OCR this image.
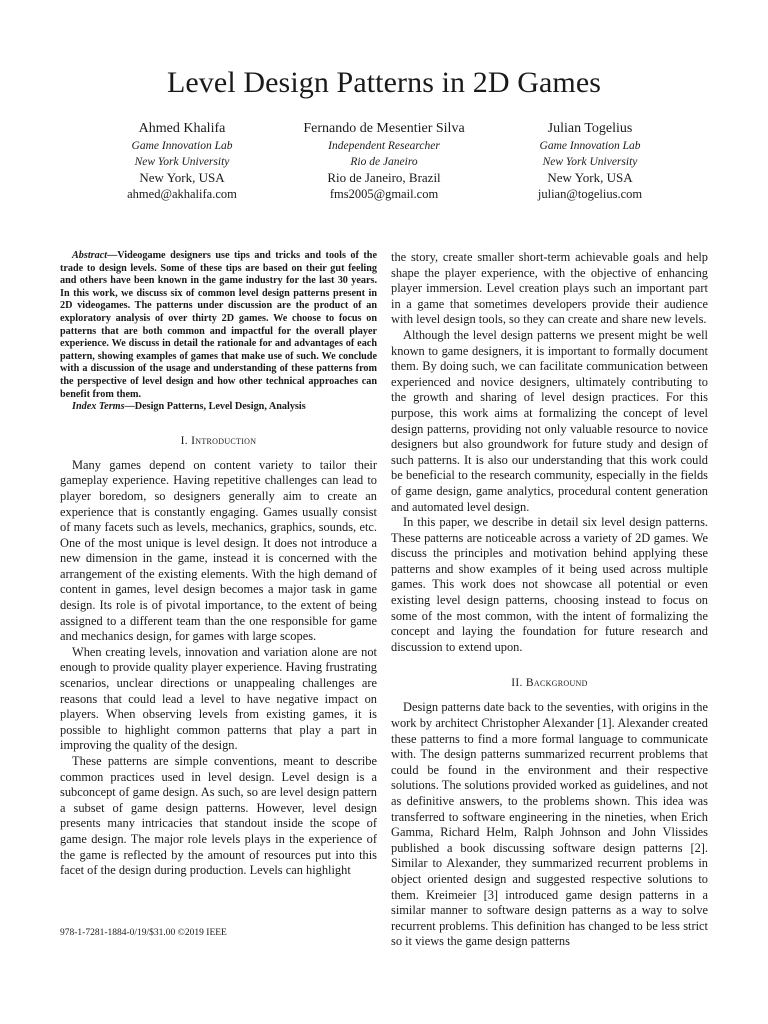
Level Design Patterns in 2D Games
Ahmed Khalifa
Game Innovation Lab
New York University
New York, USA
ahmed@akhalifa.com
Fernando de Mesentier Silva
Independent Researcher
Rio de Janeiro
Rio de Janeiro, Brazil
fms2005@gmail.com
Julian Togelius
Game Innovation Lab
New York University
New York, USA
julian@togelius.com

Abstract—Videogame designers use tips and tricks and tools of the trade to design levels. Some of these tips are based on their gut feeling and others have been known in the game industry for the last 30 years. In this work, we discuss six of common level design patterns present in 2D videogames. The patterns under discussion are the product of an exploratory analysis of over thirty 2D games. We choose to focus on patterns that are both common and impactful for the overall player experience. We discuss in detail the rationale for and advantages of each pattern, showing examples of games that make use of such. We conclude with a discussion of the usage and understanding of these patterns from the perspective of level design and how other technical approaches can benefit from them.

Index Terms—Design Patterns, Level Design, Analysis

I. Introduction

Many games depend on content variety to tailor their gameplay experience. Having repetitive challenges can lead to player boredom, so designers generally aim to create an experience that is constantly engaging. Games usually consist of many facets such as levels, mechanics, graphics, sounds, etc. One of the most unique is level design. It does not introduce a new dimension in the game, instead it is concerned with the arrangement of the existing elements. With the high demand of content in games, level design becomes a major task in game design. Its role is of pivotal importance, to the extent of being assigned to a different team than the one responsible for game and mechanics design, for games with large scopes.

When creating levels, innovation and variation alone are not enough to provide quality player experience. Having frustrating scenarios, unclear directions or unappealing challenges are reasons that could lead a level to have negative impact on players. When observing levels from existing games, it is possible to highlight common patterns that play a part in improving the quality of the design.

These patterns are simple conventions, meant to describe common practices used in level design. Level design is a subconcept of game design. As such, so are level design pattern a subset of game design patterns. However, level design presents many intricacies that standout inside the scope of game design. The major role levels plays in the experience of the game is reflected by the amount of resources put into this facet of the design during production. Levels can highlight

the story, create smaller short-term achievable goals and help shape the player experience, with the objective of enhancing player immersion. Level creation plays such an important part in a game that sometimes developers provide their audience with level design tools, so they can create and share new levels.

Although the level design patterns we present might be well known to game designers, it is important to formally document them. By doing such, we can facilitate communication between experienced and novice designers, ultimately contributing to the growth and sharing of level design practices. For this purpose, this work aims at formalizing the concept of level design patterns, providing not only valuable resource to novice designers but also groundwork for future study and design of such patterns. It is also our understanding that this work could be beneficial to the research community, especially in the fields of game design, game analytics, procedural content generation and automated level design.

In this paper, we describe in detail six level design patterns. These patterns are noticeable across a variety of 2D games. We discuss the principles and motivation behind applying these patterns and show examples of it being used across multiple games. This work does not showcase all potential or even existing level design patterns, choosing instead to focus on some of the most common, with the intent of formalizing the concept and laying the foundation for future research and discussion to extend upon.

II. Background

Design patterns date back to the seventies, with origins in the work by architect Christopher Alexander [1]. Alexander created these patterns to find a more formal language to communicate with. The design patterns summarized recurrent problems that could be found in the environment and their respective solutions. The solutions provided worked as guidelines, and not as definitive answers, to the problems shown. This idea was transferred to software engineering in the nineties, when Erich Gamma, Richard Helm, Ralph Johnson and John Vlissides published a book discussing software design patterns [2]. Similar to Alexander, they summarized recurrent problems in object oriented design and suggested respective solutions to them. Kreimeier [3] introduced game design patterns in a similar manner to software design patterns as a way to solve recurrent problems. This definition has changed to be less strict so it views the game design patterns

978-1-7281-1884-0/19/$31.00 ©2019 IEEE
